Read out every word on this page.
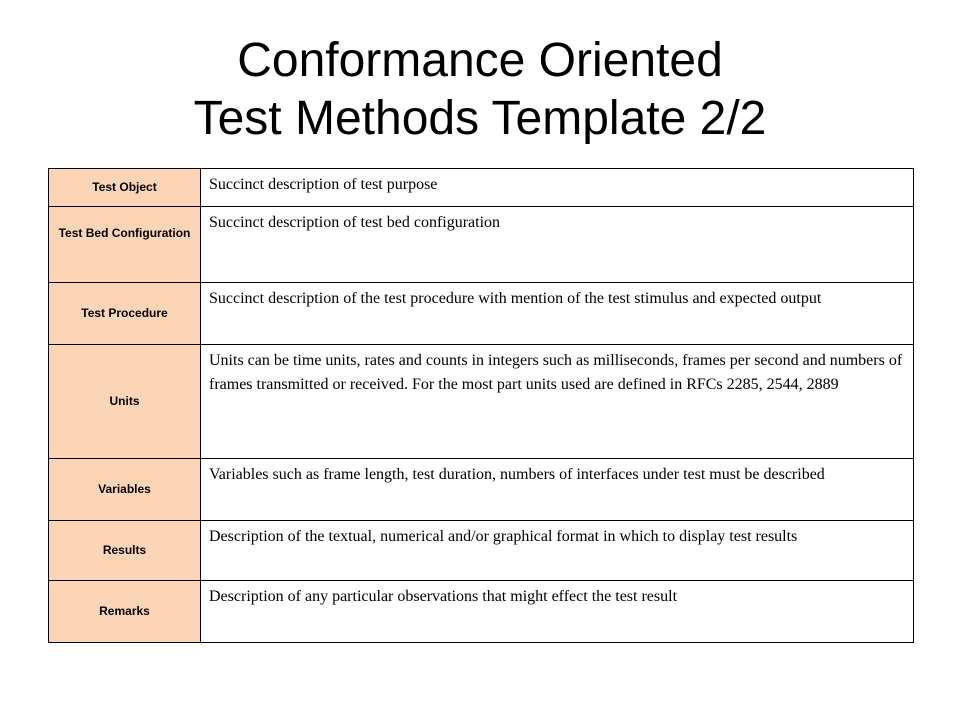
Conformance Oriented
Test Methods Template 2/2
Test Object	Succinct description of test purpose
Test Bed Configuration
Succinct description of test bed configuration
Test Procedure
Succinct description of the test procedure with mention of the test stimulus and expected output
Units
Units can be time units, rates and counts in integers such as milliseconds, frames per second and numbers of frames transmitted or received. For the most part units used are defined in RFCs 2285, 2544, 2889
Variables
Variables such as frame length, test duration, numbers of interfaces under test must be described
Results
Description of the textual, numerical and/or graphical format in which to display test results
Remarks
Description of any particular observations that might effect the test result
